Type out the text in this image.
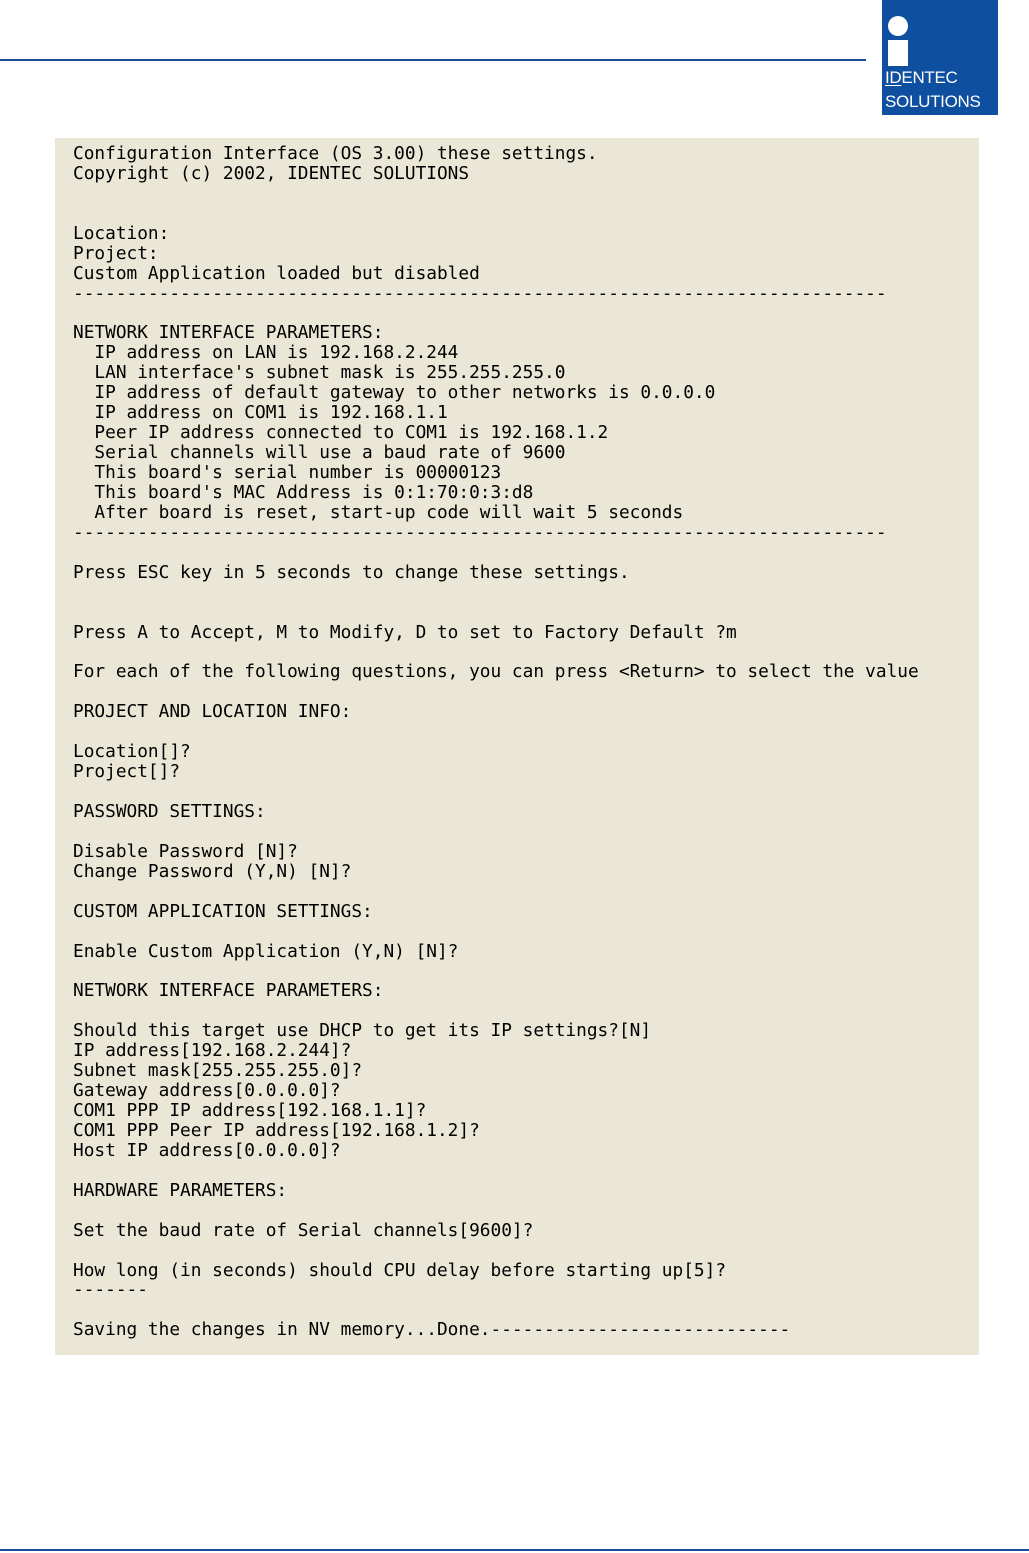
IDENTEC
SOLUTIONS
Configuration Interface (OS 3.00) these settings.
Copyright (c) 2002, IDENTEC SOLUTIONS
Location:
Project:
Custom Application loaded but disabled
----------------------------------------------------------------------------
NETWORK INTERFACE PARAMETERS:
IP address on LAN is 192.168.2.244
LAN interface's subnet mask is 255.255.255.0
IP address of default gateway to other networks is 0.0.0.0
IP address on COM1 is 192.168.1.1
Peer IP address connected to COM1 is 192.168.1.2
Serial channels will use a baud rate of 9600
This board's serial number is 00000123
This board's MAC Address is 0:1:70:0:3:d8
After board is reset, start-up code will wait 5 seconds
----------------------------------------------------------------------------
Press ESC key in 5 seconds to change these settings.
Press A to Accept, M to Modify, D to set to Factory Default ?m
For each of the following questions, you can press <Return> to select the value
PROJECT AND LOCATION INFO:
Location[]?
Project[]?
PASSWORD SETTINGS:
Disable Password [N]?
Change Password (Y,N) [N]?
CUSTOM APPLICATION SETTINGS:
Enable Custom Application (Y,N) [N]?
NETWORK INTERFACE PARAMETERS:
Should this target use DHCP to get its IP settings?[N]
IP address[192.168.2.244]?
Subnet mask[255.255.255.0]?
Gateway address[0.0.0.0]?
COM1 PPP IP address[192.168.1.1]?
COM1 PPP Peer IP address[192.168.1.2]?
Host IP address[0.0.0.0]?
HARDWARE PARAMETERS:
Set the baud rate of Serial channels[9600]?
How long (in seconds) should CPU delay before starting up[5]?
-------
Saving the changes in NV memory...Done.----------------------------
